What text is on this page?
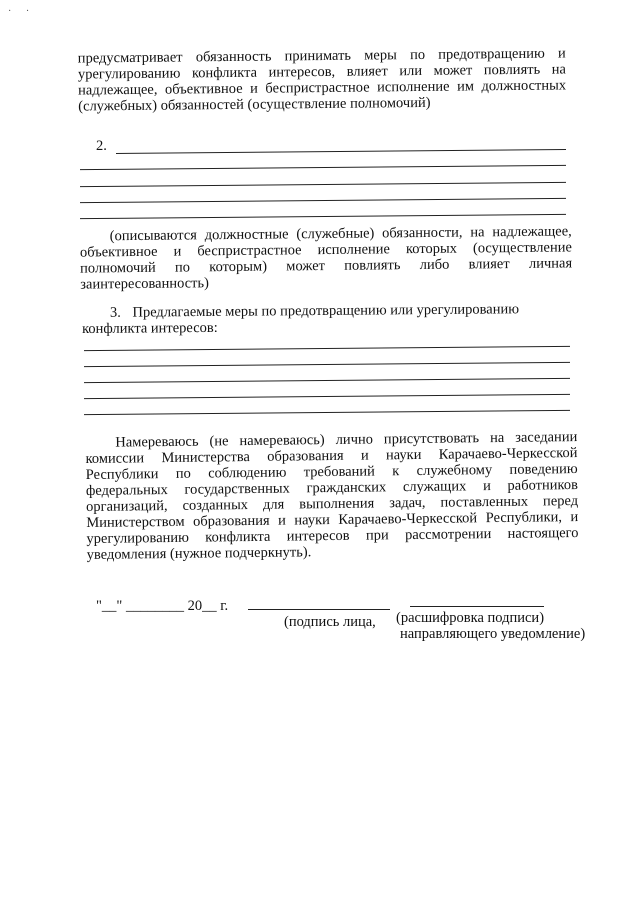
· ·
предусматривает обязанность принимать меры по предотвращению и
урегулированию конфликта интересов, влияет или может повлиять на
надлежащее, объективное и беспристрастное исполнение им должностных
(служебных) обязанностей (осуществление полномочий)
2.
(описываются должностные (служебные) обязанности, на надлежащее,
объективное и беспристрастное исполнение которых (осуществление
полномочий по которым) может повлиять либо влияет личная
заинтересованность)
3. Предлагаемые меры по предотвращению или урегулированию
конфликта интересов:
Намереваюсь (не намереваюсь) лично присутствовать на заседании
комиссии Министерства образования и науки Карачаево-Черкесской
Республики по соблюдению требований к служебному поведению
федеральных государственных гражданских служащих и работников
организаций, созданных для выполнения задач, поставленных перед
Министерством образования и науки Карачаево-Черкесской Республики, и
урегулированию конфликта интересов при рассмотрении настоящего
уведомления (нужное подчеркнуть).
"__" ________ 20__ г.
(подпись лица, (расшифровка подписи)
направляющего уведомление)
